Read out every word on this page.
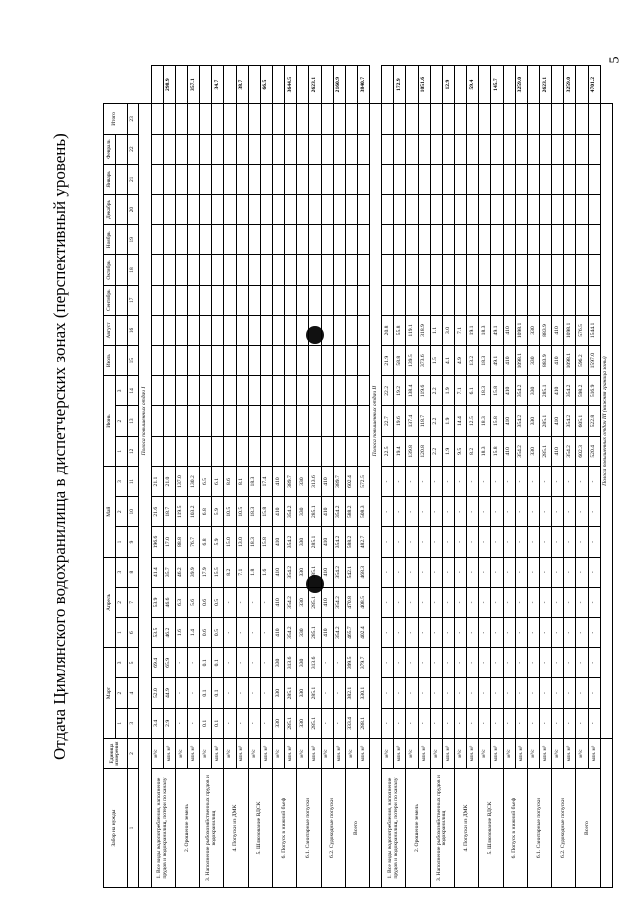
5
Отдача Цимлянского водохранилища в диспетчерских зонах (перспективный уровень)
Забор на нужды	Единица измерения	Март			Апрель			Май			Июнь			Июль	Август	Сентябрь	Октябрь	Ноябрь	Декабрь	Январь	Февраль	Итого	
		1	2	3	1	2	3	1	2	3	1	2	3										
1	2	3	4	5	6	7	8	9	10	11	12	13	14	15	16	17	18	19	20	21	22	23	
		Полоса повышенных отдач I																					
1. Все виды водопотребления, наполнение прудов и водохранилищ, потери по каналу	м³/с	3.4	52.0	69.4	53.5	53.9	41.4	196.6	21.6	21.1													
	млн. м³	2.9	44.9	65.9	46.2	46.6	35.7	17.0	18.7	21.0													298.9
2. Орошение земель	м³/с	-	-	-	1.6	6.3	46.2	88.8	119.5	137.0													
	млн. м³	-	-	-	1.4	5.6	39.9	76.7	103.2	130.2													357.1
3. Наполнение рыбохозяйственных прудов и водохранилищ	м³/с	0.1	0.1	0.1	0.6	0.6	17.9	6.8	6.8	6.5													
	млн. м³	0.1	0.1	0.1	0.5	0.5	15.5	5.9	5.9	6.1													34.7
4. Попуски из ДМК	м³/с	-	-	-	-	-	8.2	15.0	10.5	8.6													
	млн. м³	-	-	-	-	-	7.1	13.0	10.5	8.1													38.7
5. Шлюзование ВДСК	м³/с	-	-	-	-	-	1.8	18.3	18.3	18.3													
	млн. м³	-	-	-	-	-	1.6	15.8	15.8	17.4													66.5
6. Попуск в нижний бьеф	м³/с	330	330	330	410	410	410	410	410	410													
	млн. м³	285.1	285.1	313.6	354.2	354.2	354.2	354.2	354.2	389.7													3644.5
6.1. Санитарные попуски	м³/с	330	330	330	330	330	330	330	330	330													
	млн. м³	285.1	285.1	313.6	285.1	285.1	285.1	285.1	285.1	313.6													2623.1
6.2. Судоходные попуски	м³/с	-	-	-	410	410	410	410	410	410													
	млн. м³	-	-	-	354.2	354.2	354.2	354.2	354.2	389.7													2160.9
Всего	м³/с	333.4	382.1	399.5	465.7	470.8	542.1	588.2	588.2	602.4													
	млн. м³	288.1	330.1	379.7	402.4	408.5	468.3	482.7	508.3	572.5													3840.7
		Полоса повышенных отдач II																					
1. Все виды водопотребления, наполнение прудов и водохранилищ, потери по каналу	м³/с	-	-	-	-	-	-	-	-	-	22.5	22.7	22.2	21.9	20.8								
	млн. м³	-	-	-	-	-	-	-	-	-	19.4	19.6	19.2	58.8	55.8								172.9
2. Орошение земель	м³/с	-	-	-	-	-	-	-	-	-	139.8	137.4	138.4	139.5	119.1								
	млн. м³	-	-	-	-	-	-	-	-	-	120.8	118.7	119.6	373.6	318.9								1051.6
3. Наполнение рыбохозяйственных прудов и водохранилищ	м³/с	-	-	-	-	-	-	-	-	-	2.2	2.2	2.2	1.5	1.1								
	млн. м³	-	-	-	-	-	-	-	-	-	1.9	1.9	1.9	4.1	3.0								12.9
4. Попуски из ДМК	м³/с	-	-	-	-	-	-	-	-	-	9.5	14.4	7.1	4.9	7.1								
	млн. м³	-	-	-	-	-	-	-	-	-	8.2	12.5	6.1	13.2	19.1								59.4
5. Шлюзование ВДСК	м³/с	-	-	-	-	-	-	-	-	-	18.3	18.3	18.3	18.3	18.3								
	млн. м³	-	-	-	-	-	-	-	-	-	15.8	15.8	15.8	49.1	49.1								145.7
6. Попуск в нижний бьеф	м³/с	-	-	-	-	-	-	-	-	-	410	410	410	410	410								
	млн. м³	-	-	-	-	-	-	-	-	-	354.2	354.2	354.2	1098.1	1098.1								3259.0
6.1. Санитарные попуски	м³/с	-	-	-	-	-	-	-	-	-	330	330	330	330	330								
	млн. м³	-	-	-	-	-	-	-	-	-	285.1	285.1	285.1	883.9	883.9								2623.1
6.2. Судоходные попуски	м³/с	-	-	-	-	-	-	-	-	-	410	410	410	410	410								
	млн. м³	-	-	-	-	-	-	-	-	-	354.2	354.2	354.2	1098.1	1098.1								3259.0
Всего	м³/с	-	-	-	-	-	-	-	-	-	602.3	605.1	598.2	596.2	576.5								
	млн. м³	-	-	-	-	-	-	-	-	-	520.4	522.8	516.9	1597.0	1544.1								4701.2
		Полоса повышенных отдач III (нижняя граница зоны)																					
